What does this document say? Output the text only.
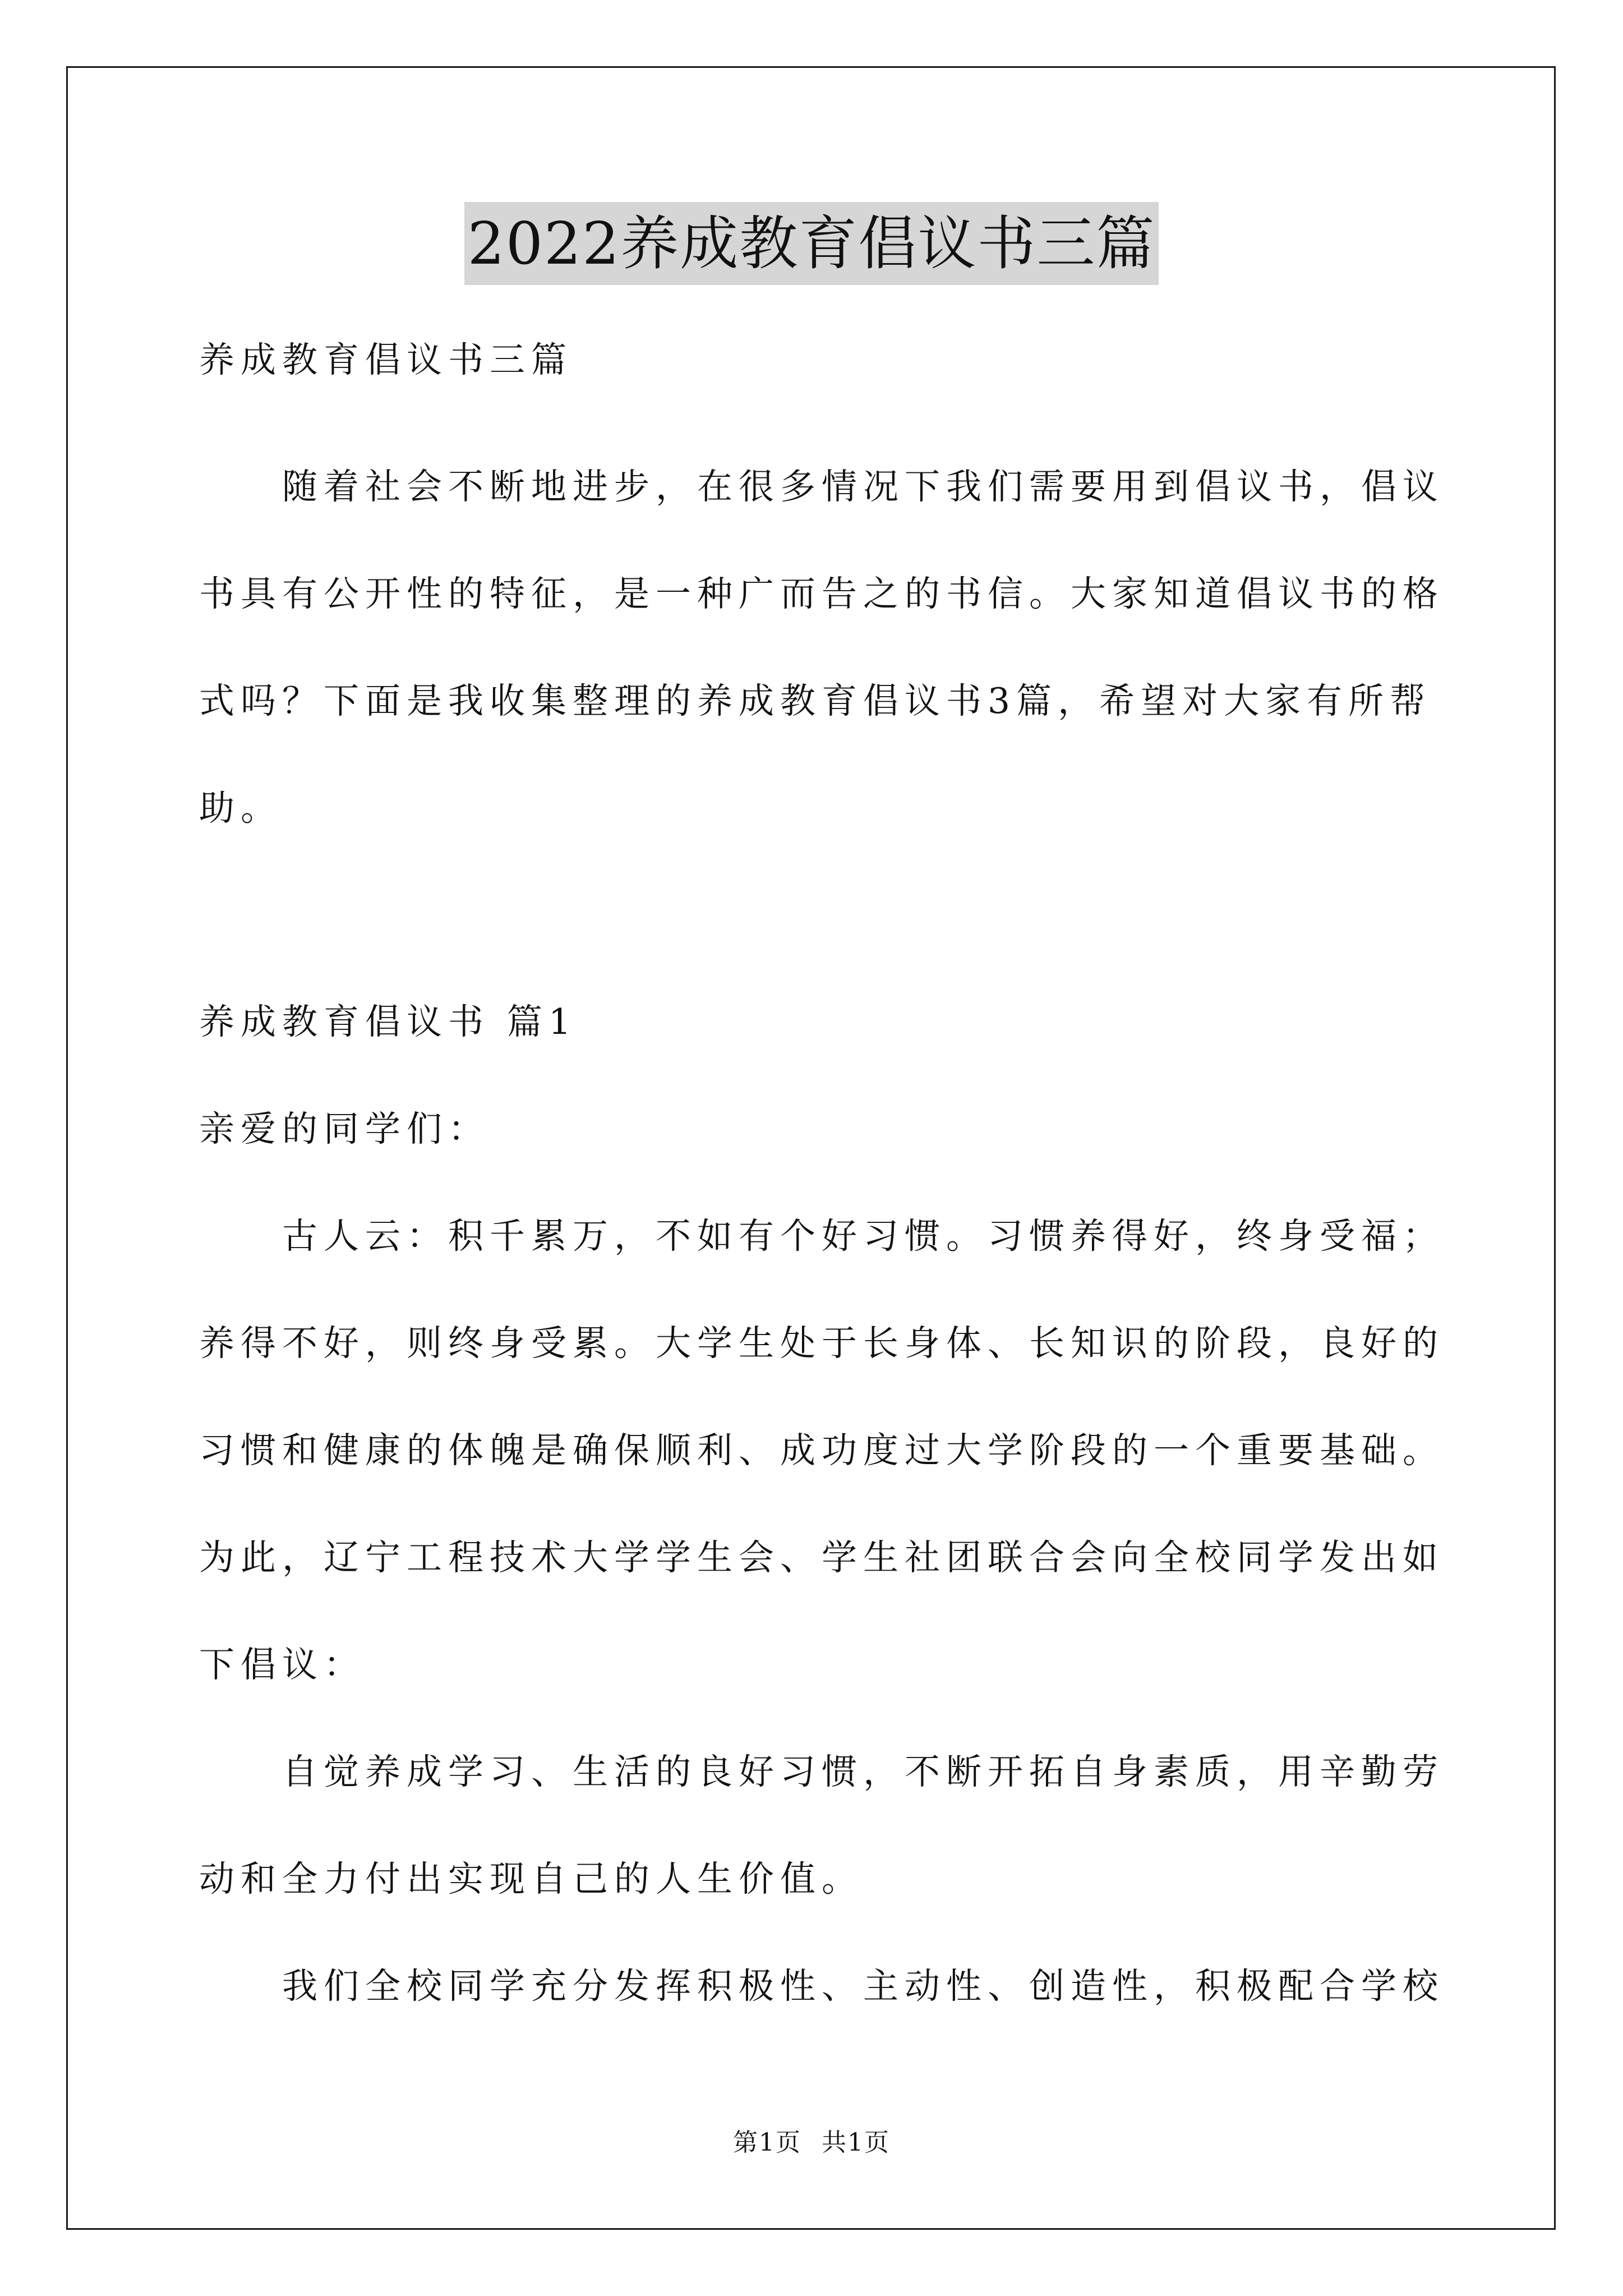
2022养成教育倡议书三篇
养成教育倡议书三篇
随着社会不断地进步，在很多情况下我们需要用到倡议书，倡议
书具有公开性的特征，是一种广而告之的书信。大家知道倡议书的格
式吗？下面是我收集整理的养成教育倡议书3篇，希望对大家有所帮
助。
养成教育倡议书 篇1
亲爱的同学们：
古人云：积千累万，不如有个好习惯。习惯养得好，终身受福；
养得不好，则终身受累。大学生处于长身体、长知识的阶段，良好的
习惯和健康的体魄是确保顺利、成功度过大学阶段的一个重要基础。
为此，辽宁工程技术大学学生会、学生社团联合会向全校同学发出如
下倡议：
自觉养成学习、生活的良好习惯，不断开拓自身素质，用辛勤劳
动和全力付出实现自己的人生价值。
我们全校同学充分发挥积极性、主动性、创造性，积极配合学校
第1页 共1页
